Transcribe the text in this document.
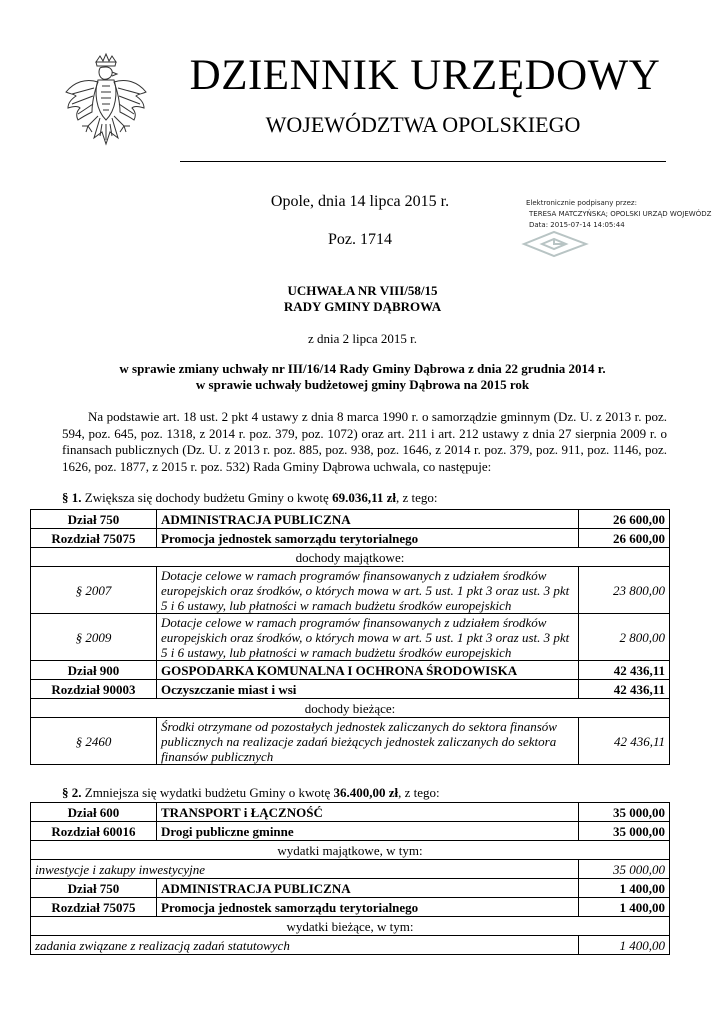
DZIENNIK URZĘDOWY
WOJEWÓDZTWA OPOLSKIEGO
Opole, dnia 14 lipca 2015 r.
Poz. 1714
Elektronicznie podpisany przez:
TERESA MATCZYŃSKA; OPOLSKI URZĄD WOJEWÓDZ
Data: 2015-07-14 14:05:44
UCHWAŁA NR VIII/58/15
RADY GMINY DĄBROWA
z dnia 2 lipca 2015 r.
w sprawie zmiany uchwały nr III/16/14 Rady Gminy Dąbrowa z dnia 22 grudnia 2014 r.
w sprawie uchwały budżetowej gminy Dąbrowa na 2015 rok

Na podstawie art. 18 ust. 2 pkt 4 ustawy z dnia 8 marca 1990 r. o samorządzie gminnym (Dz. U. z 2013 r. poz. 594, poz. 645, poz. 1318, z 2014 r. poz. 379, poz. 1072) oraz art. 211 i art. 212 ustawy z dnia 27 sierpnia 2009 r. o finansach publicznych (Dz. U. z 2013 r. poz. 885, poz. 938, poz. 1646, z 2014 r. poz. 379, poz. 911, poz. 1146, poz. 1626, poz. 1877, z 2015 r. poz. 532) Rada Gminy Dąbrowa uchwala, co następuje:

§ 1. Zwiększa się dochody budżetu Gminy o kwotę 69.036,11 zł, z tego:
Dział 750	ADMINISTRACJA PUBLICZNA	26 600,00
Rozdział 75075	Promocja jednostek samorządu terytorialnego	26 600,00
dochody majątkowe:		
§ 2007	Dotacje celowe w ramach programów finansowanych z udziałem środków europejskich oraz środków, o których mowa w art. 5 ust. 1 pkt 3 oraz ust. 3 pkt 5 i 6 ustawy, lub płatności w ramach budżetu środków europejskich	23 800,00
§ 2009	Dotacje celowe w ramach programów finansowanych z udziałem środków europejskich oraz środków, o których mowa w art. 5 ust. 1 pkt 3 oraz ust. 3 pkt 5 i 6 ustawy, lub płatności w ramach budżetu środków europejskich	2 800,00
Dział 900	GOSPODARKA KOMUNALNA I OCHRONA ŚRODOWISKA	42 436,11
Rozdział 90003	Oczyszczanie miast i wsi	42 436,11
dochody bieżące:		
§ 2460	Środki otrzymane od pozostałych jednostek zaliczanych do sektora finansów publicznych na realizacje zadań bieżących jednostek zaliczanych do sektora finansów publicznych	42 436,11
§ 2. Zmniejsza się wydatki budżetu Gminy o kwotę 36.400,00 zł, z tego:
Dział 600	TRANSPORT i ŁĄCZNOŚĆ	35 000,00
Rozdział 60016	Drogi publiczne gminne	35 000,00
wydatki majątkowe, w tym:		
inwestycje i zakupy inwestycyjne		35 000,00
Dział 750	ADMINISTRACJA PUBLICZNA	1 400,00
Rozdział 75075	Promocja jednostek samorządu terytorialnego	1 400,00
wydatki bieżące, w tym:		
zadania związane z realizacją zadań statutowych		1 400,00
